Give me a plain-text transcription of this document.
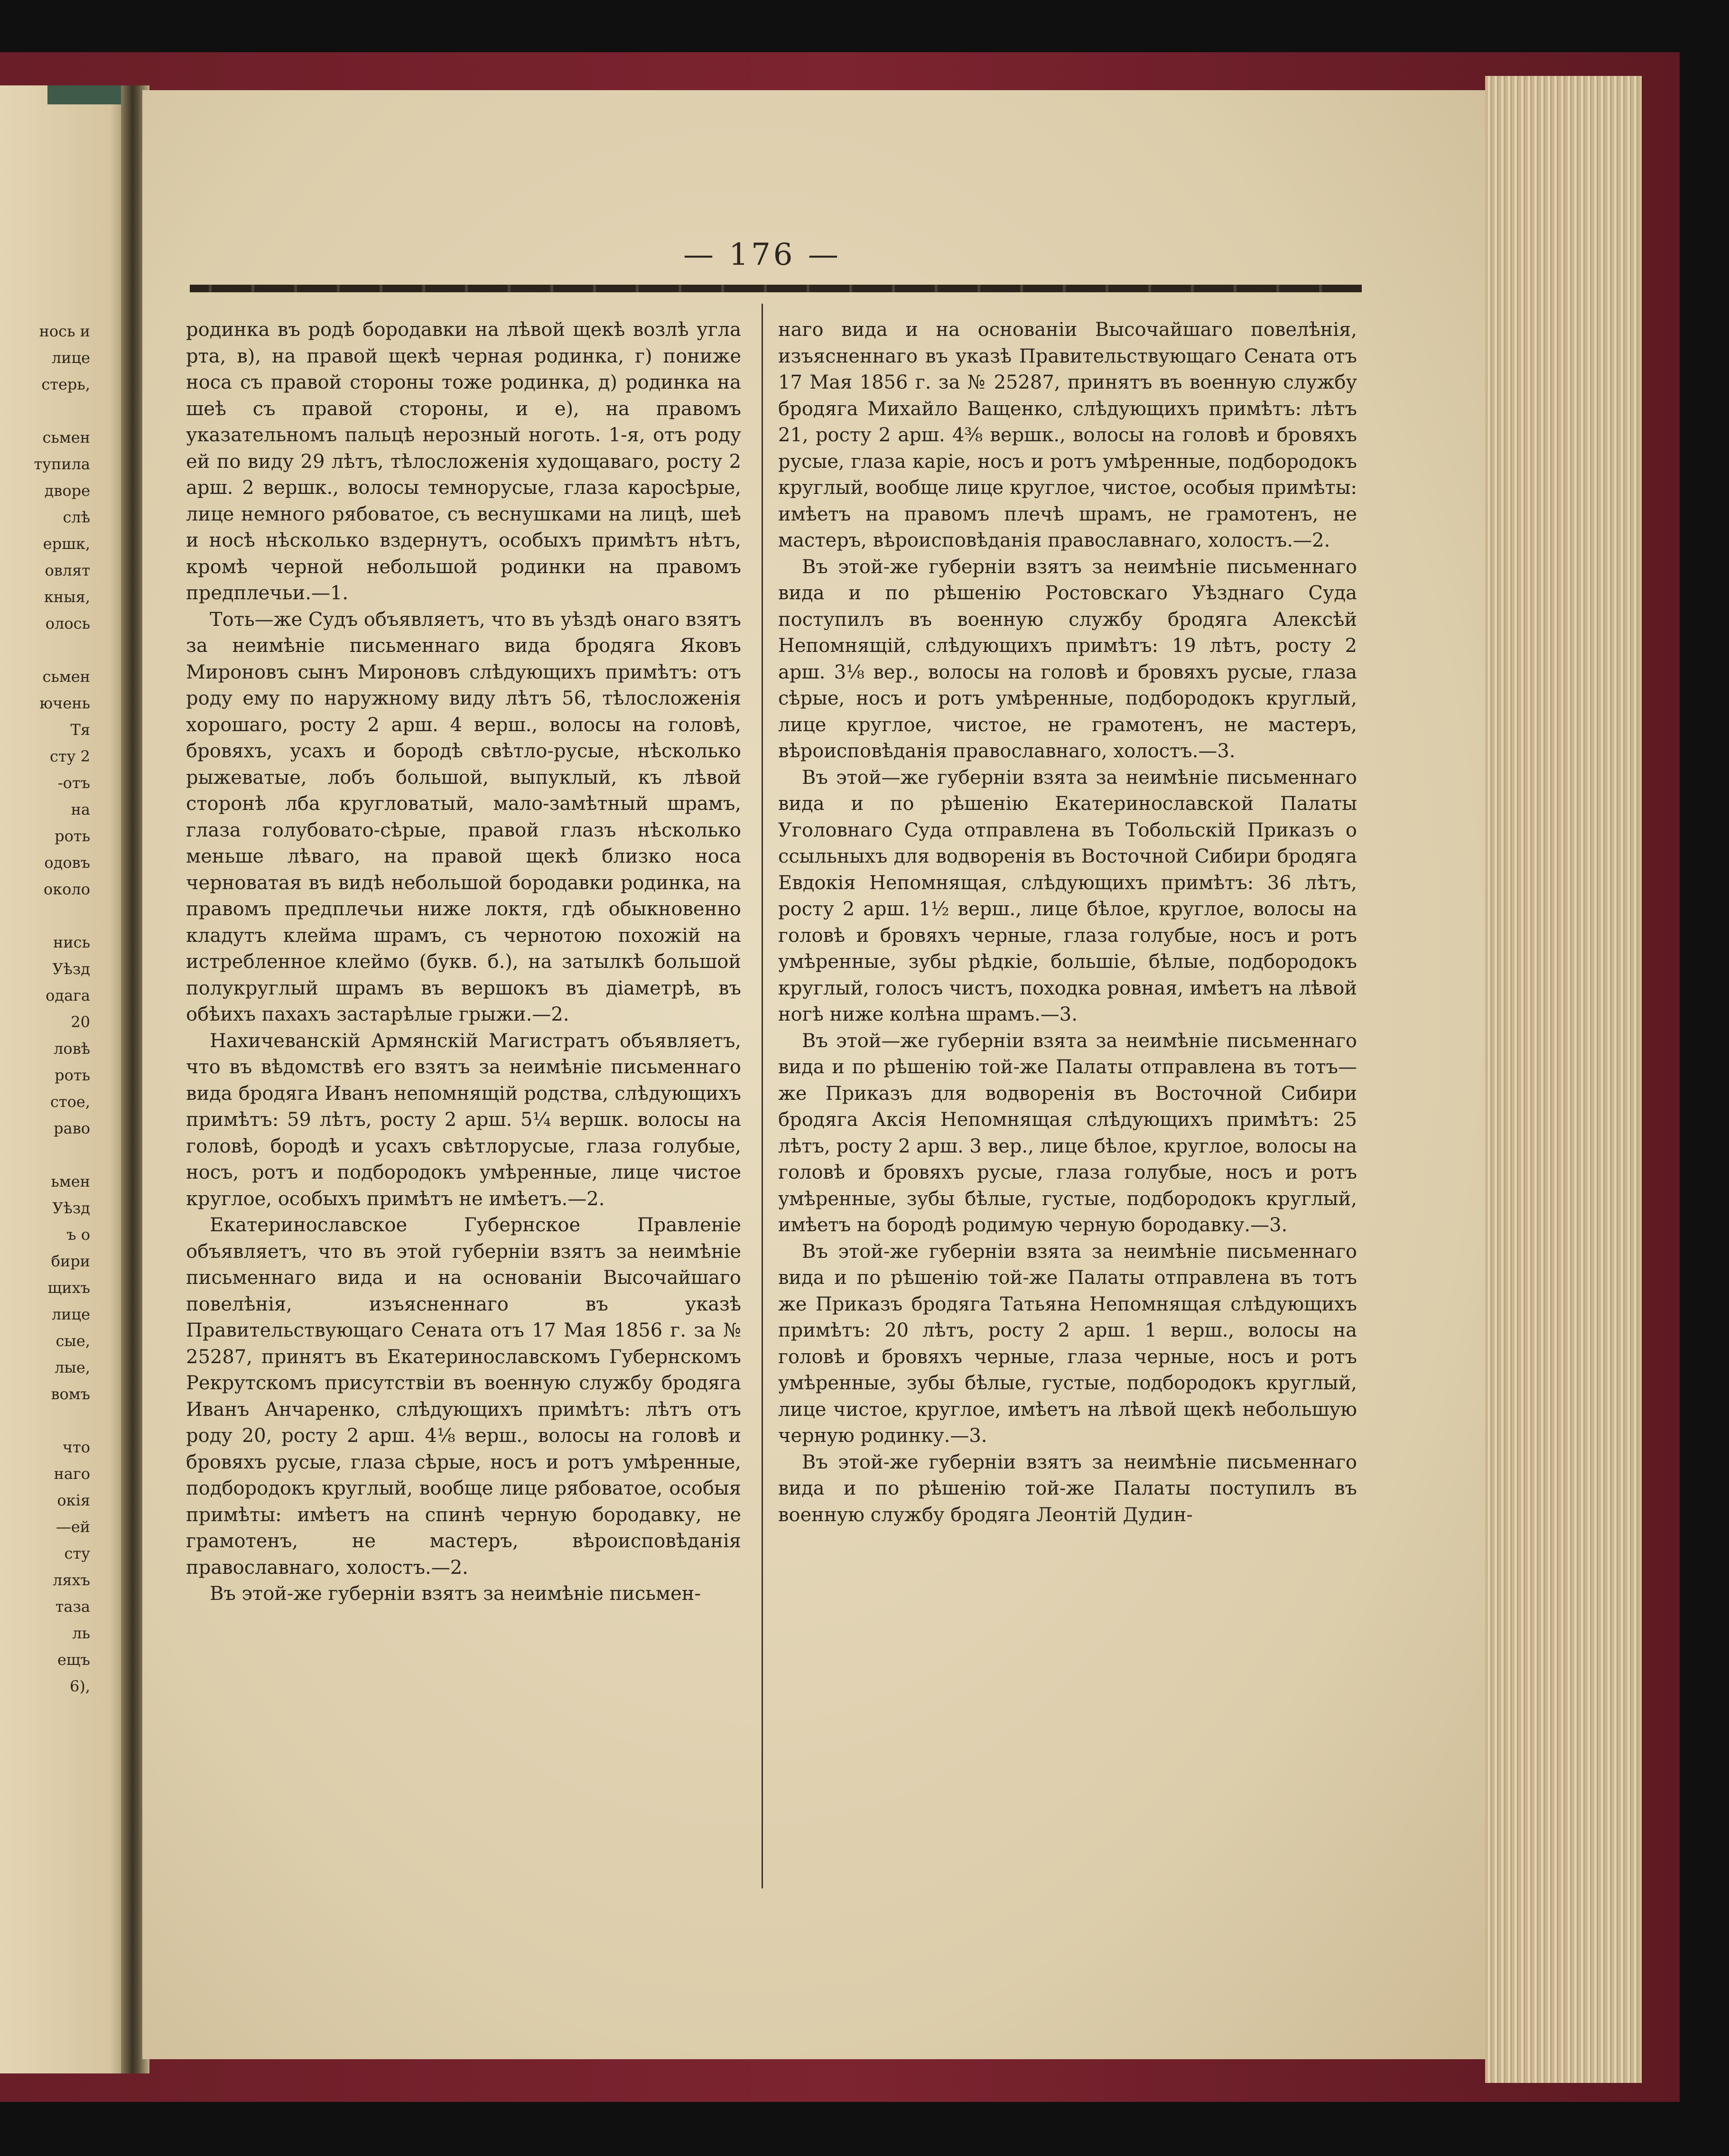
нось и
лице
стерь,

сьмен
тупила
дворе
слѣ
ершк,
овлят
кныя,
олось

сьмен
ючень
Тя
сту 2
-отъ
на
роть
одовъ
около

нись
Уѣзд
одага
20
ловѣ
роть
стое,
раво

ьмен
Уѣзд
ъ о
бири
щихъ
лице
сые,
лые,
вомъ

что
наго
окія
—ей
сту
ляхъ
таза
ль
ещъ
6),
— 176 —

родинка въ родѣ бородавки на лѣвой щекѣ возлѣ угла рта, в), на правой щекѣ черная родинка, г) пониже носа съ правой стороны тоже родинка, д) родинка на шеѣ съ правой стороны, и е), на правомъ указательномъ пальцѣ нерозный ноготь. 1-я, отъ роду ей по виду 29 лѣтъ, тѣлосложенія худощаваго, росту 2 арш. 2 вершк., волосы темнорусые, глаза каросѣрые, лице немного рябоватое, съ веснушками на лицѣ, шеѣ и носѣ нѣсколько вздернутъ, особыхъ примѣтъ нѣтъ, кромѣ черной небольшой родинки на правомъ предплечьи.—1.

Тоть—же Судъ объявляетъ, что въ уѣздѣ онаго взятъ за неимѣніе письменнаго вида бродяга Яковъ Мироновъ сынъ Мироновъ слѣдующихъ примѣтъ: отъ роду ему по наружному виду лѣтъ 56, тѣлосложенія хорошаго, росту 2 арш. 4 верш., волосы на головѣ, бровяхъ, усахъ и бородѣ свѣтло-русые, нѣсколько рыжеватые, лобъ большой, выпуклый, къ лѣвой сторонѣ лба кругловатый, мало-замѣтный шрамъ, глаза голубовато-сѣрые, правой глазъ нѣсколько меньше лѣваго, на правой щекѣ близко носа черноватая въ видѣ небольшой бородавки родинка, на правомъ предплечьи ниже локтя, гдѣ обыкновенно кладутъ клейма шрамъ, съ чернотою похожій на истребленное клеймо (букв. б.), на затылкѣ большой полукруглый шрамъ въ вершокъ въ діаметрѣ, въ обѣихъ пахахъ застарѣлые грыжи.—2.

Нахичеванскій Армянскій Магистратъ объявляетъ, что въ вѣдомствѣ его взятъ за неимѣніе письменнаго вида бродяга Иванъ непомнящій родства, слѣдующихъ примѣтъ: 59 лѣтъ, росту 2 арш. 5¼ вершк. волосы на головѣ, бородѣ и усахъ свѣтлорусые, глаза голубые, носъ, ротъ и подбородокъ умѣренные, лице чистое круглое, особыхъ примѣтъ не имѣетъ.—2.

Екатеринославское Губернское Правленіе объявляетъ, что въ этой губерніи взятъ за неимѣніе письменнаго вида и на основаніи Высочайшаго повелѣнія, изъясненнаго въ указѣ Правительствующаго Сената отъ 17 Мая 1856 г. за № 25287, принятъ въ Екатеринославскомъ Губернскомъ Рекрутскомъ присутствіи въ военную службу бродяга Иванъ Анчаренко, слѣдующихъ примѣтъ: лѣтъ отъ роду 20, росту 2 арш. 4⅛ верш., волосы на головѣ и бровяхъ русые, глаза сѣрые, носъ и ротъ умѣренные, подбородокъ круглый, вообще лице рябоватое, особыя примѣты: имѣетъ на спинѣ черную бородавку, не грамотенъ, не мастеръ, вѣроисповѣданія православнаго, холостъ.—2.

Въ этой-же губерніи взятъ за неимѣніе письмен-

наго вида и на основаніи Высочайшаго повелѣнія, изъясненнаго въ указѣ Правительствующаго Сената отъ 17 Мая 1856 г. за № 25287, принятъ въ военную службу бродяга Михайло Ващенко, слѣдующихъ примѣтъ: лѣтъ 21, росту 2 арш. 4⅜ вершк., волосы на головѣ и бровяхъ русые, глаза каріе, носъ и ротъ умѣренные, подбородокъ круглый, вообще лице круглое, чистое, особыя примѣты: имѣетъ на правомъ плечѣ шрамъ, не грамотенъ, не мастеръ, вѣроисповѣданія православнаго, холостъ.—2.

Въ этой-же губерніи взятъ за неимѣніе письменнаго вида и по рѣшенію Ростовскаго Уѣзднаго Суда поступилъ въ военную службу бродяга Алексѣй Непомнящій, слѣдующихъ примѣтъ: 19 лѣтъ, росту 2 арш. 3⅛ вер., волосы на головѣ и бровяхъ русые, глаза сѣрые, носъ и ротъ умѣренные, подбородокъ круглый, лице круглое, чистое, не грамотенъ, не мастеръ, вѣроисповѣданія православнаго, холостъ.—3.

Въ этой—же губерніи взята за неимѣніе письменнаго вида и по рѣшенію Екатеринославской Палаты Уголовнаго Суда отправлена въ Тобольскій Приказъ о ссыльныхъ для водворенія въ Восточной Сибири бродяга Евдокія Непомнящая, слѣдующихъ примѣтъ: 36 лѣтъ, росту 2 арш. 1½ верш., лице бѣлое, круглое, волосы на головѣ и бровяхъ черные, глаза голубые, носъ и ротъ умѣренные, зубы рѣдкіе, большіе, бѣлые, подбородокъ круглый, голосъ чистъ, походка ровная, имѣетъ на лѣвой ногѣ ниже колѣна шрамъ.—3.

Въ этой—же губерніи взята за неимѣніе письменнаго вида и по рѣшенію той-же Палаты отправлена въ тотъ—же Приказъ для водворенія въ Восточной Сибири бродяга Аксія Непомнящая слѣдующихъ примѣтъ: 25 лѣтъ, росту 2 арш. 3 вер., лице бѣлое, круглое, волосы на головѣ и бровяхъ русые, глаза голубые, носъ и ротъ умѣренные, зубы бѣлые, густые, подбородокъ круглый, имѣетъ на бородѣ родимую черную бородавку.—3.

Въ этой-же губерніи взята за неимѣніе письменнаго вида и по рѣшенію той-же Палаты отправлена въ тотъ же Приказъ бродяга Татьяна Непомнящая слѣдующихъ примѣтъ: 20 лѣтъ, росту 2 арш. 1 верш., волосы на головѣ и бровяхъ черные, глаза черные, носъ и ротъ умѣренные, зубы бѣлые, густые, подбородокъ круглый, лице чистое, круглое, имѣетъ на лѣвой щекѣ небольшую черную родинку.—3.

Въ этой-же губерніи взятъ за неимѣніе письменнаго вида и по рѣшенію той-же Палаты поступилъ въ военную службу бродяга Леонтій Дудин-
